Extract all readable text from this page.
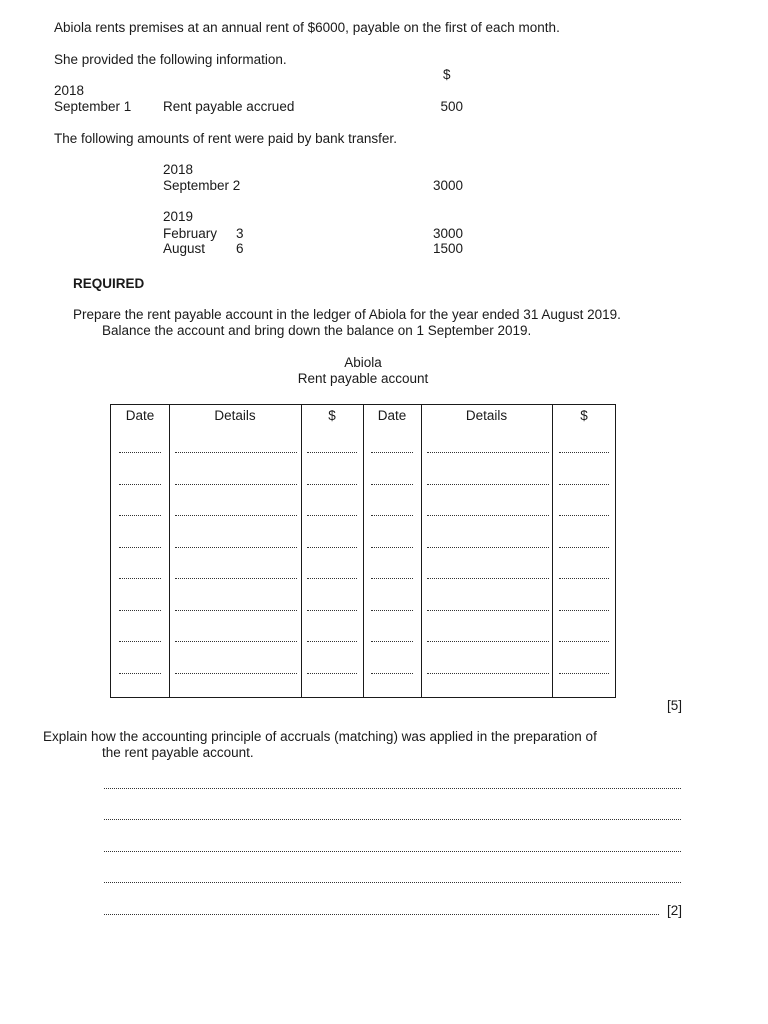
Abiola rents premises at an annual rent of $6000, payable on the first of each month.
She provided the following information.
$
2018
September 1 Rent payable accrued	500
The following amounts of rent were paid by bank transfer.
2018
September 2	3000
2019
February 3	3000
August 6	1500
REQUIRED
Prepare the rent payable account in the ledger of Abiola for the year ended 31 August 2019.
Balance the account and bring down the balance on 1 September 2019.
Abiola
Rent payable account
Date	Details	$	Date	Details	$
[5]
Explain how the accounting principle of accruals (matching) was applied in the preparation of
the rent payable account.
[2]
